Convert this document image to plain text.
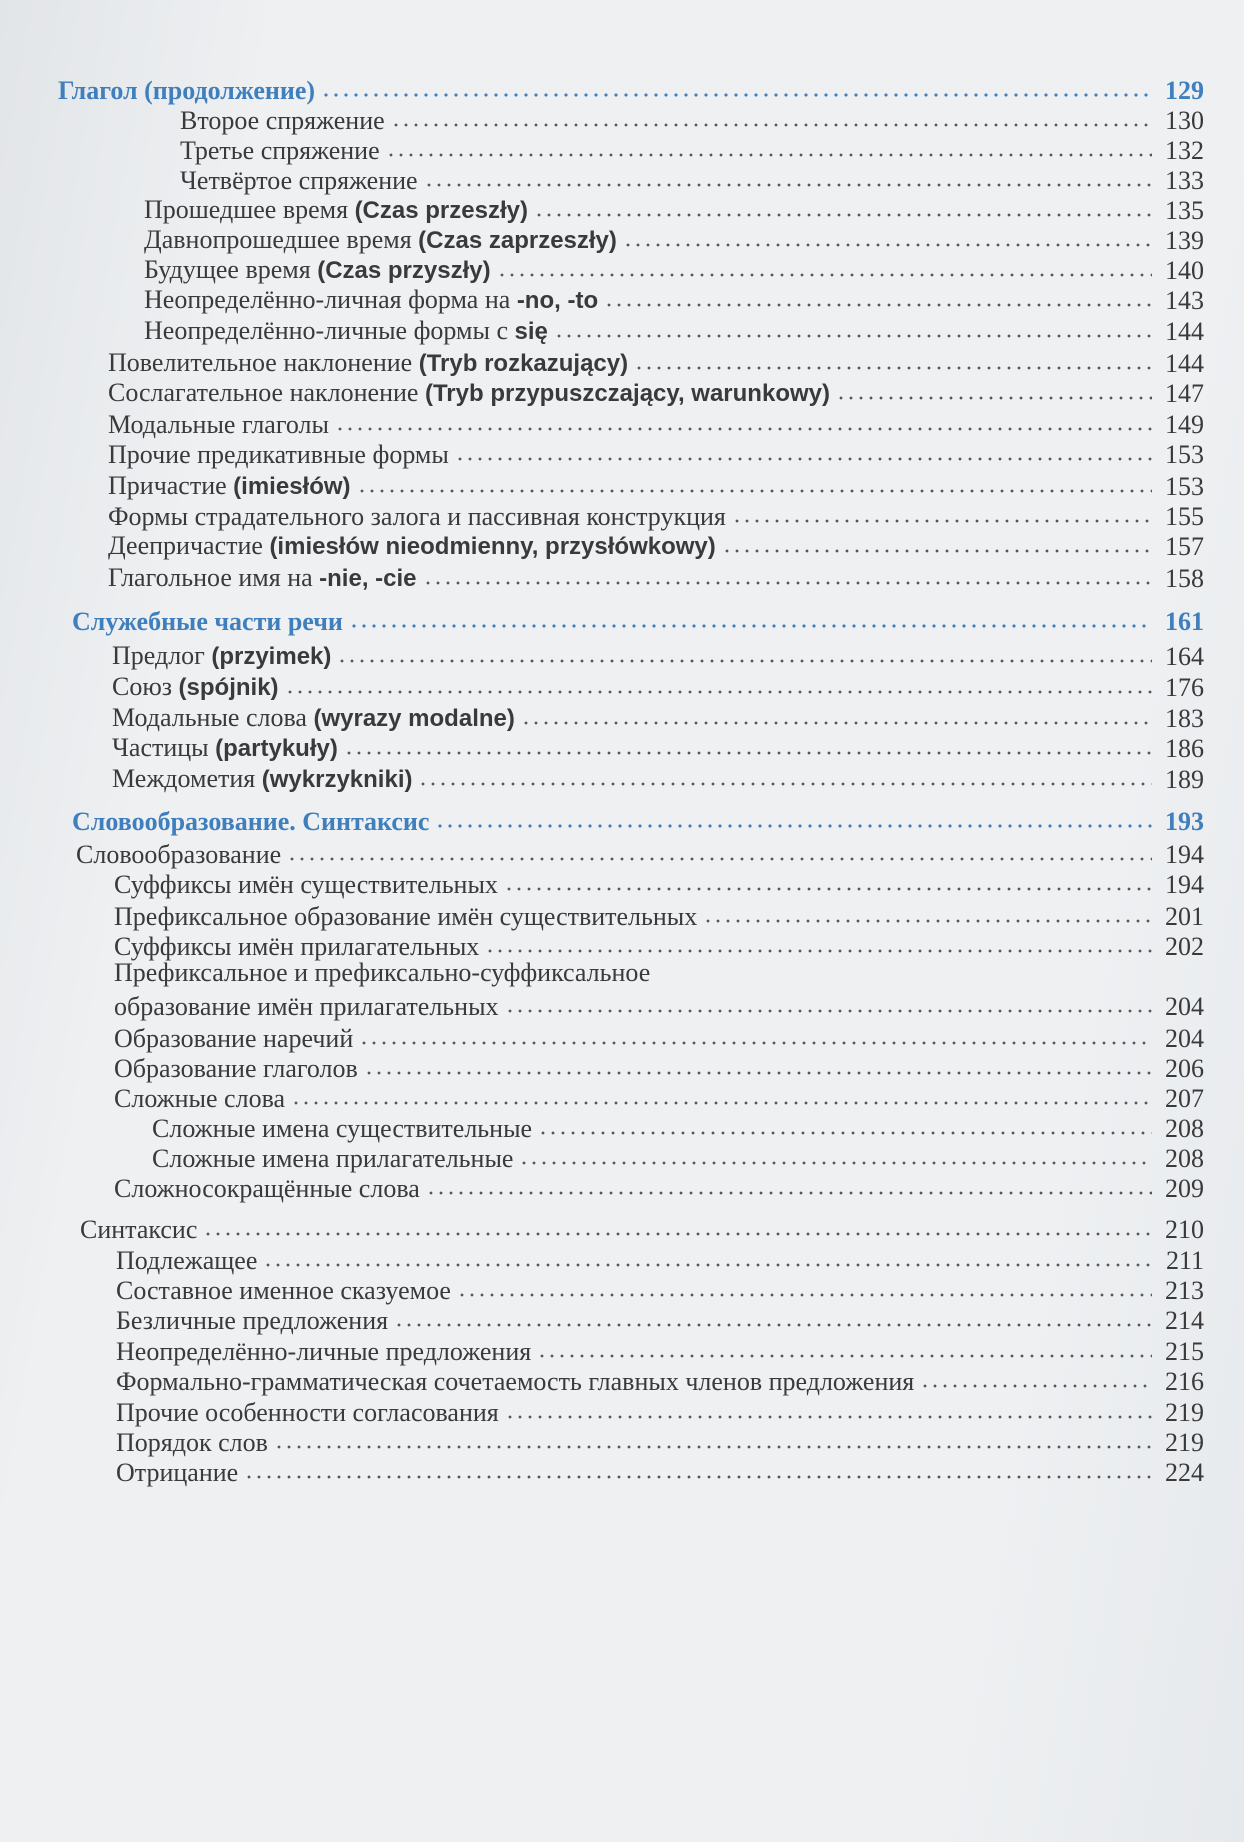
Глагол (продолжение)	129
Второе спряжение	130
Третье спряжение	132
Четвёртое спряжение	133
Прошедшее время (Czas przeszły)	135
Давнопрошедшее время (Czas zaprzeszły)	139
Будущее время (Czas przyszły)	140
Неопределённо-личная форма на -no, -to	143
Неопределённо-личные формы с się	144
Повелительное наклонение (Tryb rozkazujący)	144
Сослагательное наклонение (Tryb przypuszczający, warunkowy)	147
Модальные глаголы	149
Прочие предикативные формы	153
Причастие (imiesłów)	153
Формы страдательного залога и пассивная конструкция	155
Деепричастие (imiesłów nieodmienny, przysłówkowy)	157
Глагольное имя на -nie, -cie	158
Служебные части речи	161
Предлог (przyimek)	164
Союз (spójnik)	176
Модальные слова (wyrazy modalne)	183
Частицы (partykuły)	186
Междометия (wykrzykniki)	189
Словообразование. Синтаксис	193
Словообразование	194
Суффиксы имён существительных	194
Префиксальное образование имён существительных	201
Суффиксы имён прилагательных	202
Префиксальное и префиксально-суффиксальное
образование имён прилагательных	204
Образование наречий	204
Образование глаголов	206
Сложные слова	207
Сложные имена существительные	208
Сложные имена прилагательные	208
Сложносокращённые слова	209
Синтаксис	210
Подлежащее	211
Составное именное сказуемое	213
Безличные предложения	214
Неопределённо-личные предложения	215
Формально-грамматическая сочетаемость главных членов предложения	216
Прочие особенности согласования	219
Порядок слов	219
Отрицание	224
